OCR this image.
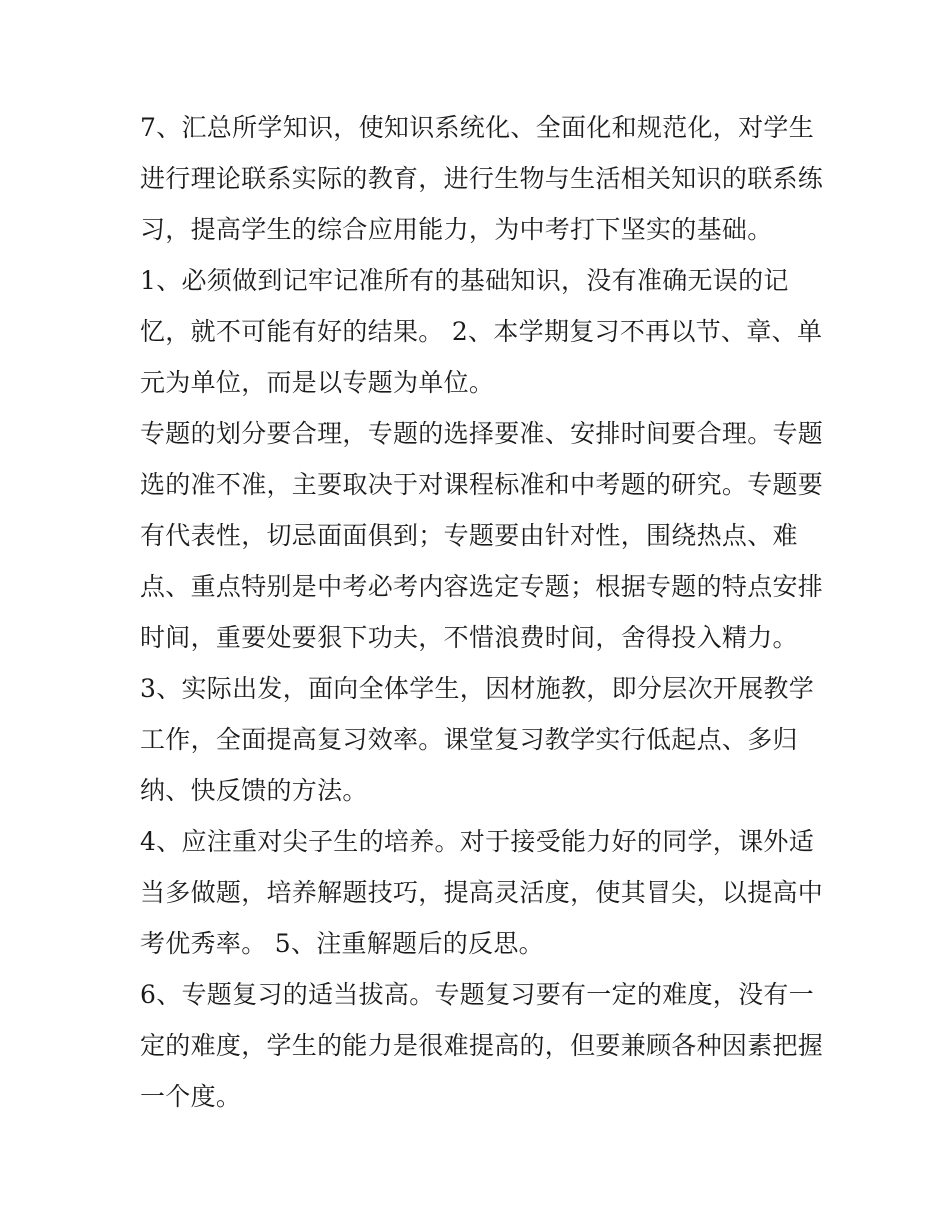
7、汇总所学知识，使知识系统化、全面化和规范化，对学生
进行理论联系实际的教育，进行生物与生活相关知识的联系练
习，提高学生的综合应用能力，为中考打下坚实的基础。

1、必须做到记牢记准所有的基础知识，没有准确无误的记
忆，就不可能有好的结果。 2、本学期复习不再以节、章、单
元为单位，而是以专题为单位。

专题的划分要合理，专题的选择要准、安排时间要合理。专题
选的准不准，主要取决于对课程标准和中考题的研究。专题要
有代表性，切忌面面俱到；专题要由针对性，围绕热点、难
点、重点特别是中考必考内容选定专题；根据专题的特点安排
时间，重要处要狠下功夫，不惜浪费时间，舍得投入精力。

3、实际出发，面向全体学生，因材施教，即分层次开展教学
工作，全面提高复习效率。课堂复习教学实行低起点、多归
纳、快反馈的方法。

4、应注重对尖子生的培养。对于接受能力好的同学，课外适
当多做题，培养解题技巧，提高灵活度，使其冒尖，以提高中
考优秀率。 5、注重解题后的反思。

6、专题复习的适当拔高。专题复习要有一定的难度，没有一
定的难度，学生的能力是很难提高的，但要兼顾各种因素把握
一个度。
